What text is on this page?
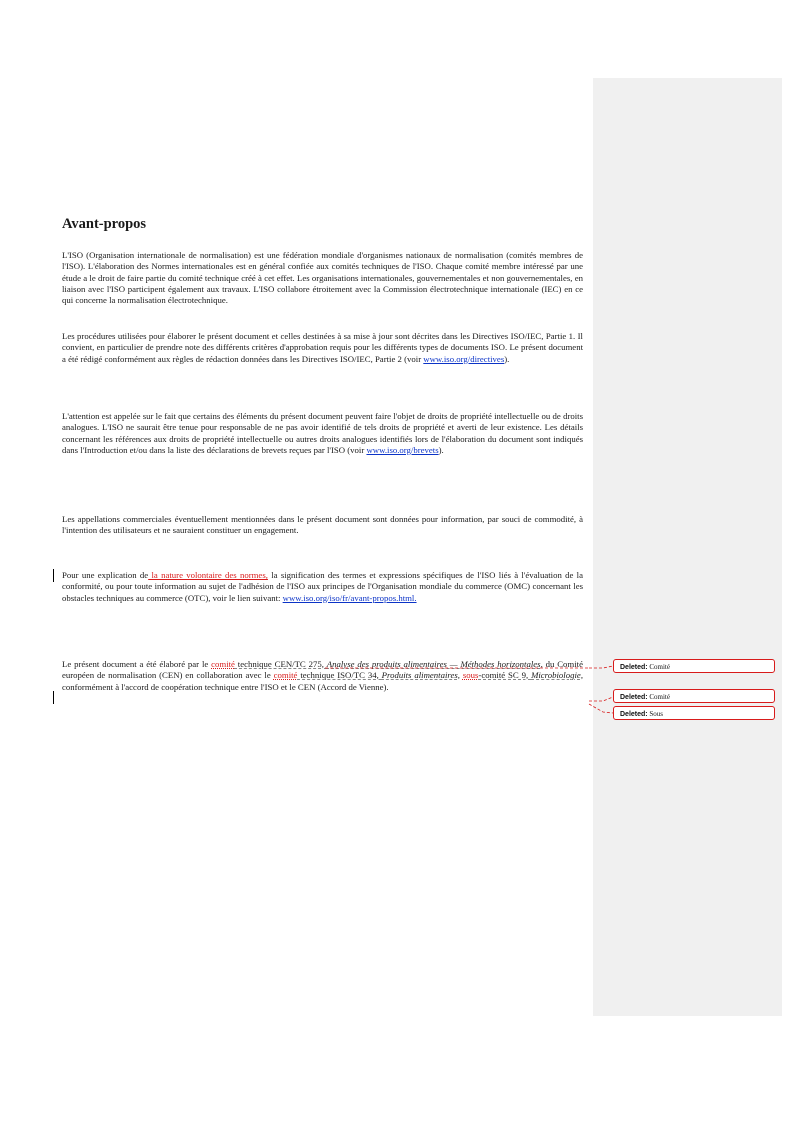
Avant-propos

L'ISO (Organisation internationale de normalisation) est une fédération mondiale d'organismes nationaux de normalisation (comités membres de l'ISO). L'élaboration des Normes internationales est en général confiée aux comités techniques de l'ISO. Chaque comité membre intéressé par une étude a le droit de faire partie du comité technique créé à cet effet. Les organisations internationales, gouvernementales et non gouvernementales, en liaison avec l'ISO participent également aux travaux. L'ISO collabore étroitement avec la Commission électrotechnique internationale (IEC) en ce qui concerne la normalisation électrotechnique.

Les procédures utilisées pour élaborer le présent document et celles destinées à sa mise à jour sont décrites dans les Directives ISO/IEC, Partie 1. Il convient, en particulier de prendre note des différents critères d'approbation requis pour les différents types de documents ISO. Le présent document a été rédigé conformément aux règles de rédaction données dans les Directives ISO/IEC, Partie 2 (voir www.iso.org/directives).

L'attention est appelée sur le fait que certains des éléments du présent document peuvent faire l'objet de droits de propriété intellectuelle ou de droits analogues. L'ISO ne saurait être tenue pour responsable de ne pas avoir identifié de tels droits de propriété et averti de leur existence. Les détails concernant les références aux droits de propriété intellectuelle ou autres droits analogues identifiés lors de l'élaboration du document sont indiqués dans l'Introduction et/ou dans la liste des déclarations de brevets reçues par l'ISO (voir www.iso.org/brevets).

Les appellations commerciales éventuellement mentionnées dans le présent document sont données pour information, par souci de commodité, à l'intention des utilisateurs et ne sauraient constituer un engagement.

Pour une explication de la nature volontaire des normes, la signification des termes et expressions spécifiques de l'ISO liés à l'évaluation de la conformité, ou pour toute information au sujet de l'adhésion de l'ISO aux principes de l'Organisation mondiale du commerce (OMC) concernant les obstacles techniques au commerce (OTC), voir le lien suivant: www.iso.org/iso/fr/avant-propos.html.

Le présent document a été élaboré par le comité technique CEN/TC 275, Analyse des produits alimentaires — Méthodes horizontales, du Comité européen de normalisation (CEN) en collaboration avec le comité technique ISO/TC 34, Produits alimentaires, sous-comité SC 9, Microbiologie, conformément à l'accord de coopération technique entre l'ISO et le CEN (Accord de Vienne).

Deleted: Comité
Deleted: Comité
Deleted: Sous
